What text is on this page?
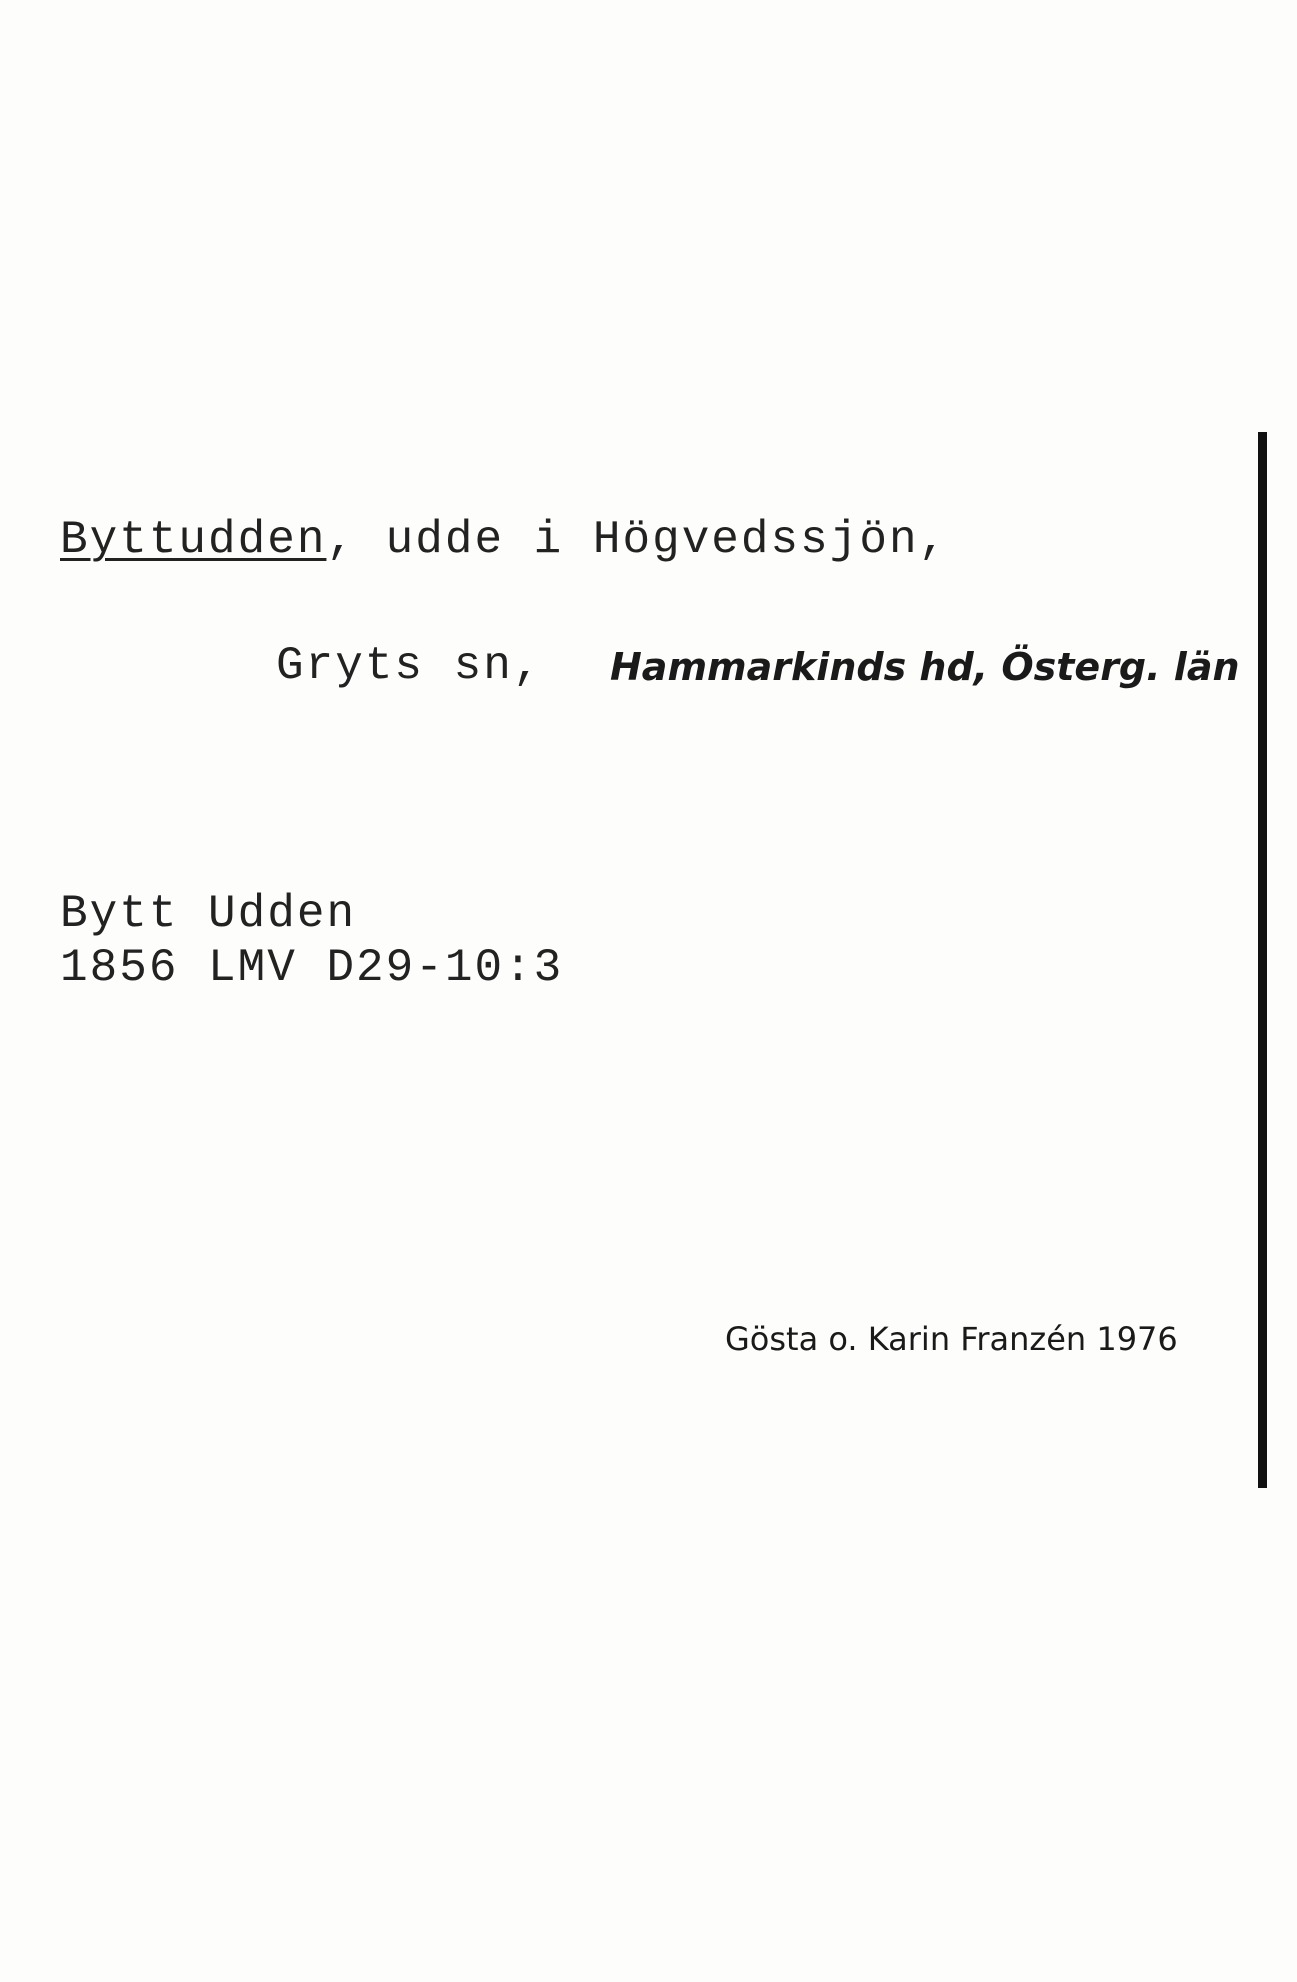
Byttudden, udde i Högvedssjön,
Gryts sn, Hammarkinds hd, Österg. län
Bytt Udden
1856 LMV D29-10:3
Gösta o. Karin Franzén 1976
